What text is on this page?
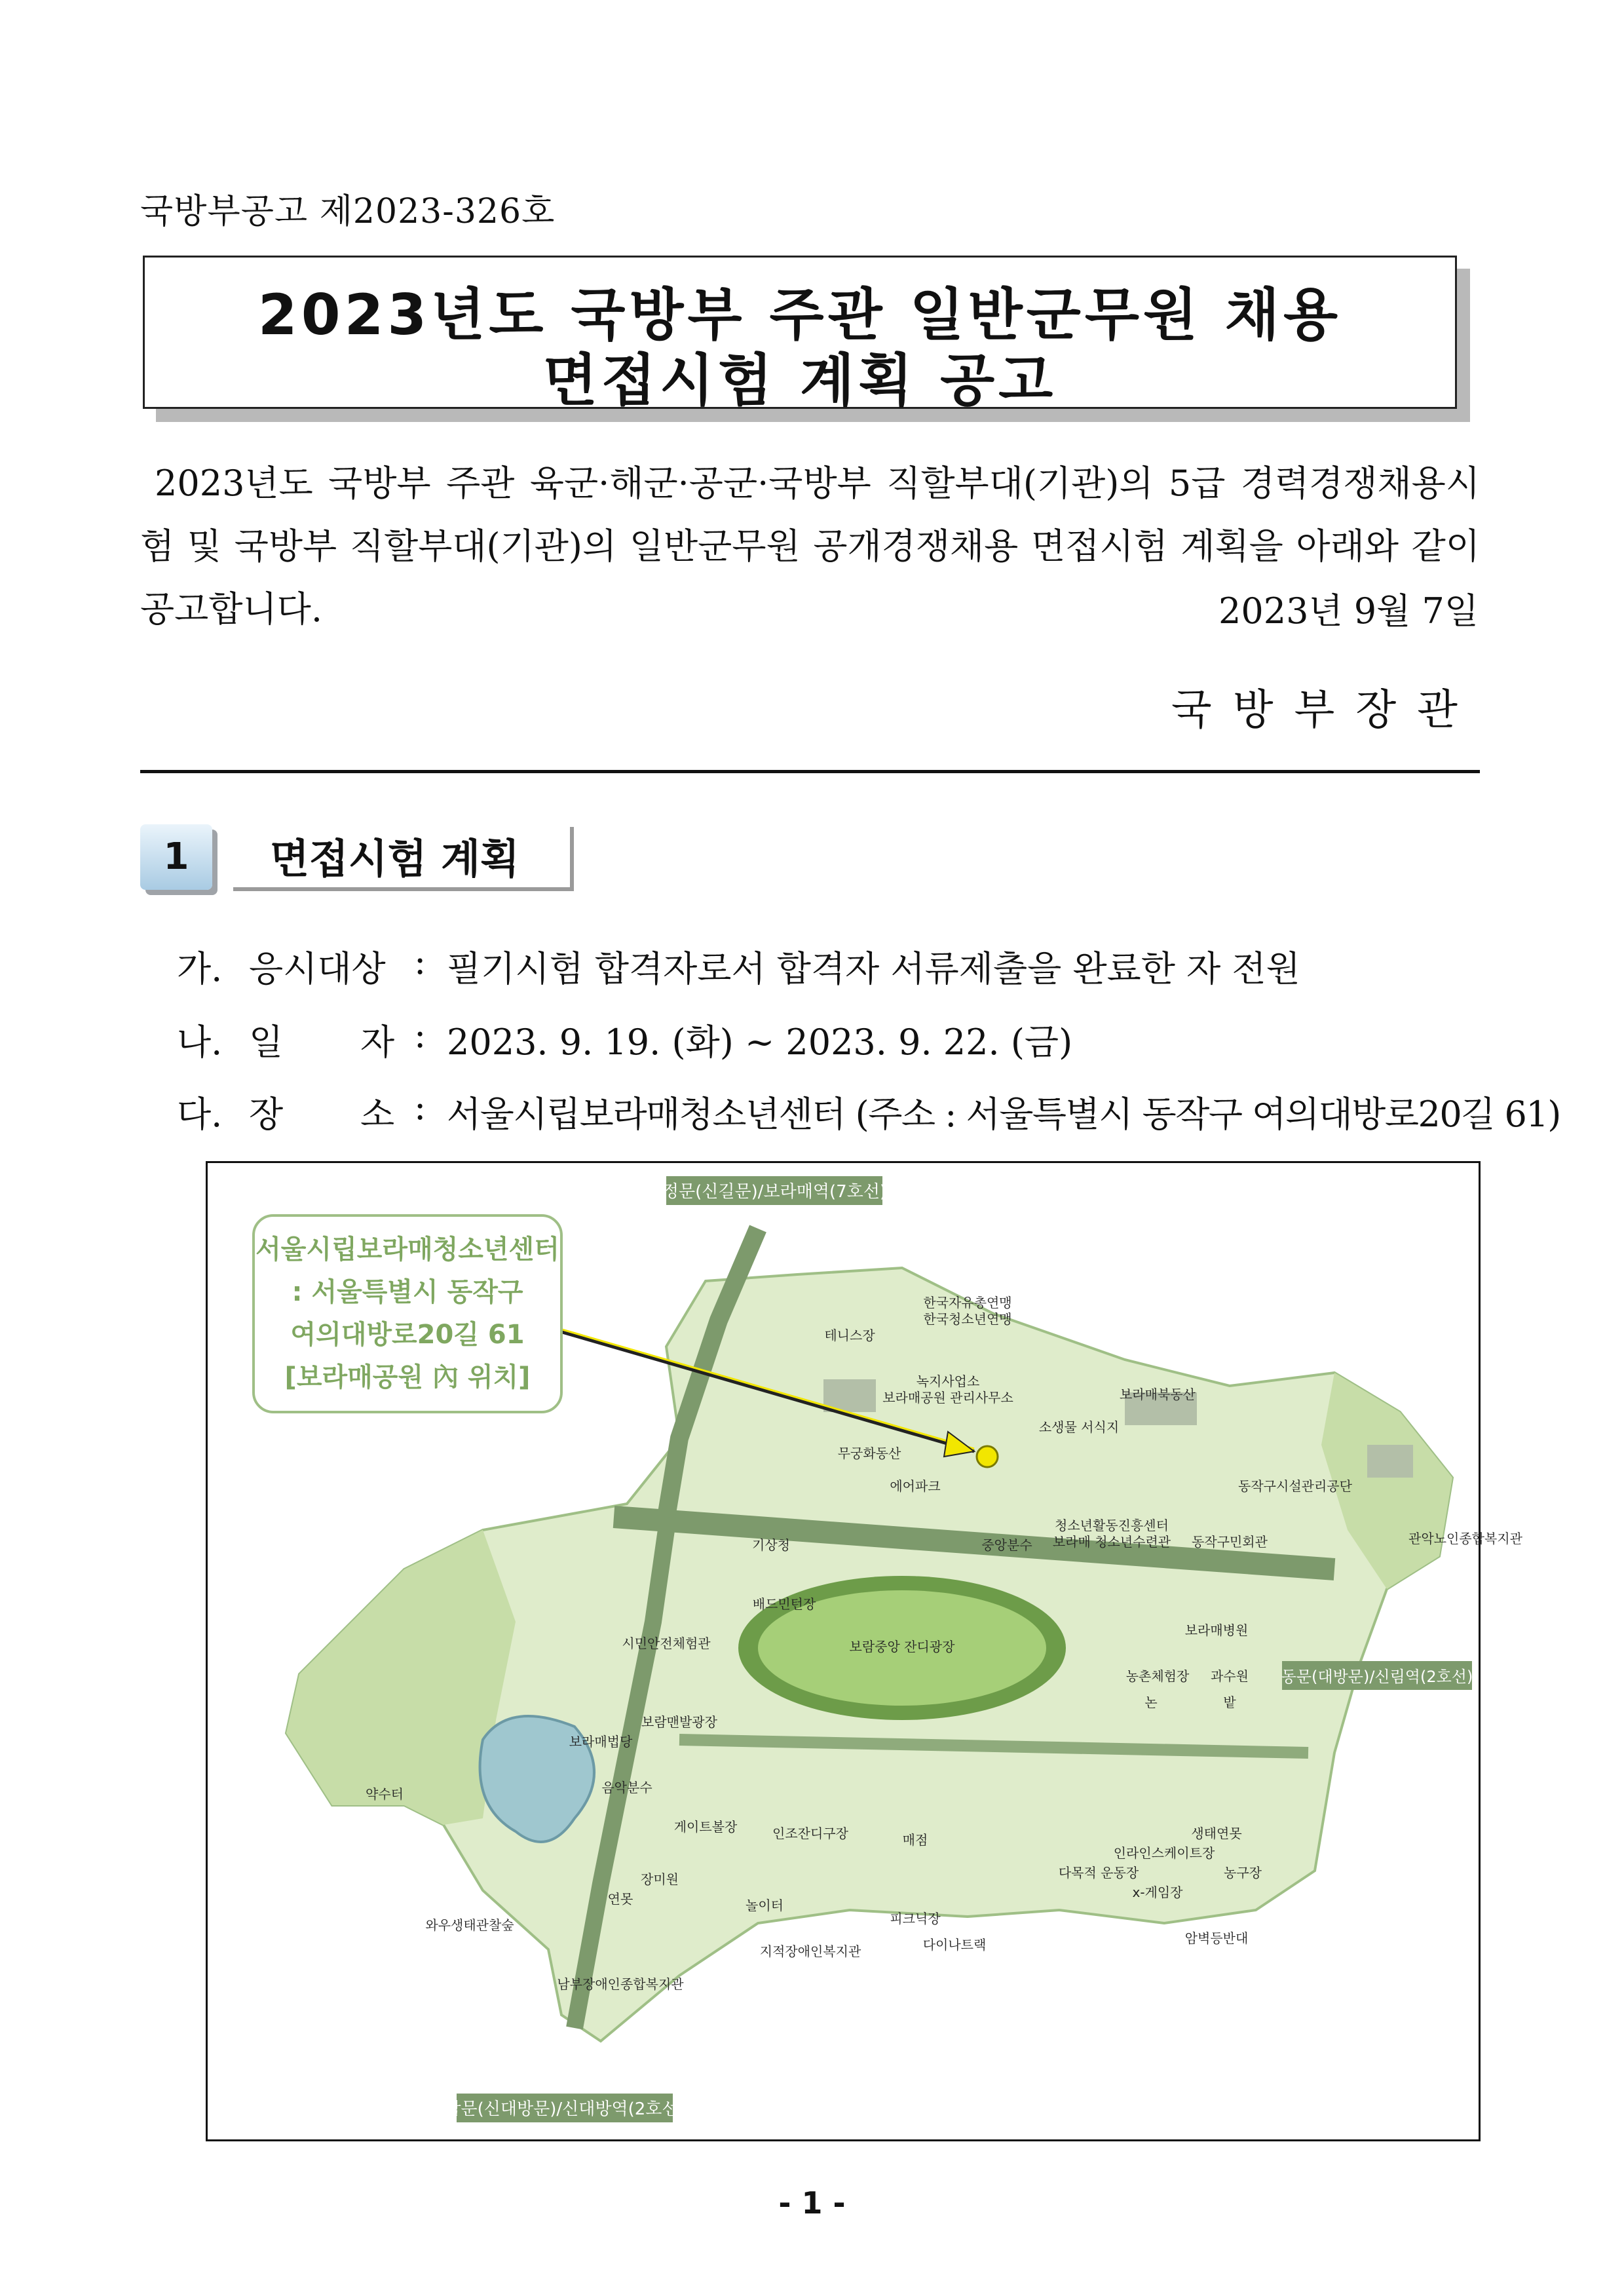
국방부공고 제2023-326호
2023년도 국방부 주관 일반군무원 채용
면접시험 계획 공고
2023년도 국방부 주관 육군·해군·공군·국방부 직할부대(기관)의 5급 경력경쟁채용시험 및 국방부 직할부대(기관)의 일반군무원 공개경쟁채용 면접시험 계획을 아래와 같이 공고합니다.	2023년 9월 7일
국방부장관
1	면접시험 계획
가. 응시대상 : 필기시험 합격자로서 합격자 서류제출을 완료한 자 전원
나. 일 자 : 2023. 9. 19. (화) ~ 2023. 9. 22. (금)
다. 장 소 : 서울시립보라매청소년센터 (주소 : 서울특별시 동작구 여의대방로20길 61)
서울시립보라매청소년센터
: 서울특별시 동작구
여의대방로20길 61
[보라매공원 內 위치]
정문(신길문)/보라매역(7호선)
동문(대방문)/신림역(2호선)
남문(신대방문)/신대방역(2호선)
한국자유총연맹
한국청소년연맹
테니스장
녹지사업소
보라매공원 관리사무소	보라매북동산
소생물 서식지
무궁화동산
에어파크	동작구시설관리공단
청소년활동진흥센터
보라매 청소년수련관 동작구민회관	관악노인종합복지관
기상청	중앙분수
배드민턴장
보라매병원
시민안전체험관	보람중앙 잔디광장
농촌체험장 과수원
논	밭
보람맨발광장
보라매법당
약수터	음악분수
게이트볼장	인조잔디구장	매점	생태연못
인라인스케이트장
다목적 운동장
x-게임장
농구장
장미원
연못	놀이터
피크닉장
와우생태관찰숲
다이나트랙
지적장애인복지관
암벽등반대
남부장애인종합복지관
- 1 -
